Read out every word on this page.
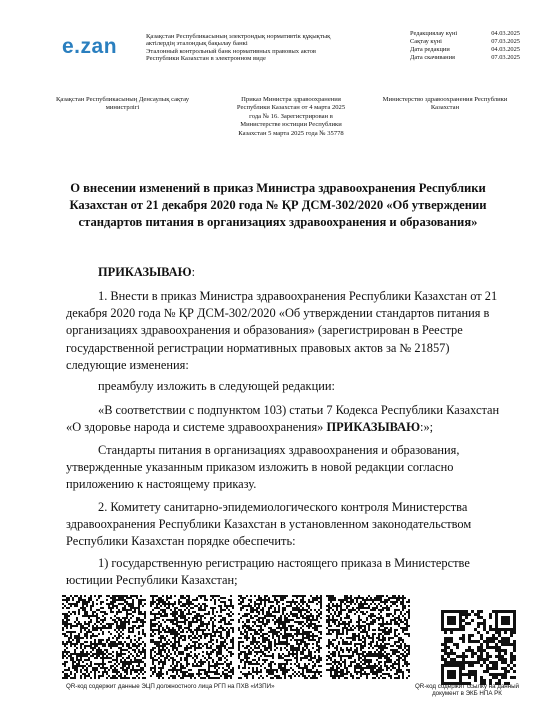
e.zan	Қазақстан Республикасының электрондық нормативтік құқықтық
актілердің эталондық бақылау банкі
Эталонный контрольный банк нормативных правовых актов
Республики Казахстан в электронном виде
Редакциялау күні	04.03.2025
Сақтау күні	07.03.2025
Дата редакции	04.03.2025
Дата скачивания	07.03.2025
Қазақстан Республикасының Денсаулық сақтау министрлігі
Приказ Министра здравоохранения Республики Казахстан от 4 марта 2025 года № 16. Зарегистрирован в Министерстве юстиции Республики Казахстан 5 марта 2025 года № 35778
Министерство здравоохранения Республики Казахстан
О внесении изменений в приказ Министра здравоохранения Республики Казахстан от 21 декабря 2020 года № ҚР ДСМ-302/2020 «Об утверждении стандартов питания в организациях здравоохранения и образования»
ПРИКАЗЫВАЮ:
1. Внести в приказ Министра здравоохранения Республики Казахстан от 21 декабря 2020 года № ҚР ДСМ-302/2020 «Об утверждении стандартов питания в организациях здравоохранения и образования» (зарегистрирован в Реестре государственной регистрации нормативных правовых актов за № 21857) следующие изменения:
преамбулу изложить в следующей редакции:
«В соответствии с подпунктом 103) статьи 7 Кодекса Республики Казахстан «О здоровье народа и системе здравоохранения» ПРИКАЗЫВАЮ:»;
Стандарты питания в организациях здравоохранения и образования, утвержденные указанным приказом изложить в новой редакции согласно приложению к настоящему приказу.
2. Комитету санитарно-эпидемиологического контроля Министерства здравоохранения Республики Казахстан в установленном законодательством Республики Казахстан порядке обеспечить:
1) государственную регистрацию настоящего приказа в Министерстве юстиции Республики Казахстан;
QR-код содержит данные ЭЦП должностного лица РГП на ПХВ «ИЗПИ»	QR-код содержит ссылку на данный документ в ЭКБ НПА РК
